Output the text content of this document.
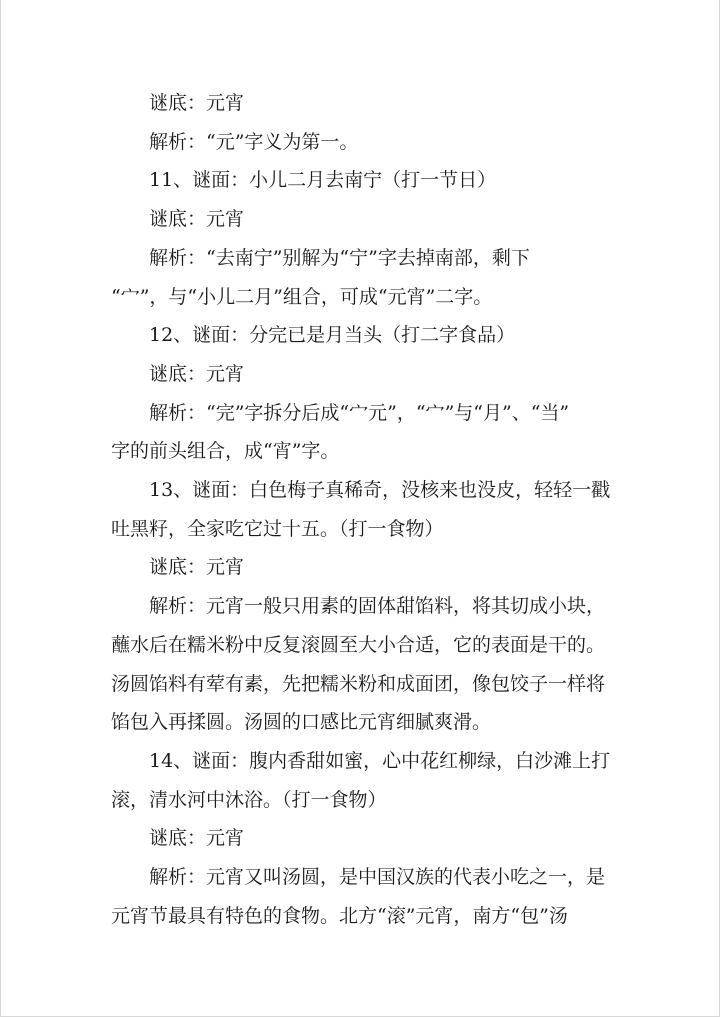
谜底：元宵

解析：“元”字义为第一。

11、谜面：小儿二月去南宁（打一节日）

谜底：元宵

解析：“去南宁”别解为“宁”字去掉南部，剩下

“宀”，与“小儿二月”组合，可成“元宵”二字。

12、谜面：分完已是月当头（打二字食品）

谜底：元宵

解析：“完”字拆分后成“宀元”，“宀”与“月”、“当”

字的前头组合，成“宵”字。

13、谜面：白色梅子真稀奇，没核来也没皮，轻轻一戳

吐黑籽，全家吃它过十五。（打一食物）

谜底：元宵

解析：元宵一般只用素的固体甜馅料，将其切成小块，

蘸水后在糯米粉中反复滚圆至大小合适，它的表面是干的。

汤圆馅料有荤有素，先把糯米粉和成面团，像包饺子一样将

馅包入再揉圆。汤圆的口感比元宵细腻爽滑。

14、谜面：腹内香甜如蜜，心中花红柳绿，白沙滩上打

滚，清水河中沐浴。（打一食物）

谜底：元宵

解析：元宵又叫汤圆，是中国汉族的代表小吃之一，是

元宵节最具有特色的食物。北方“滚”元宵，南方“包”汤
